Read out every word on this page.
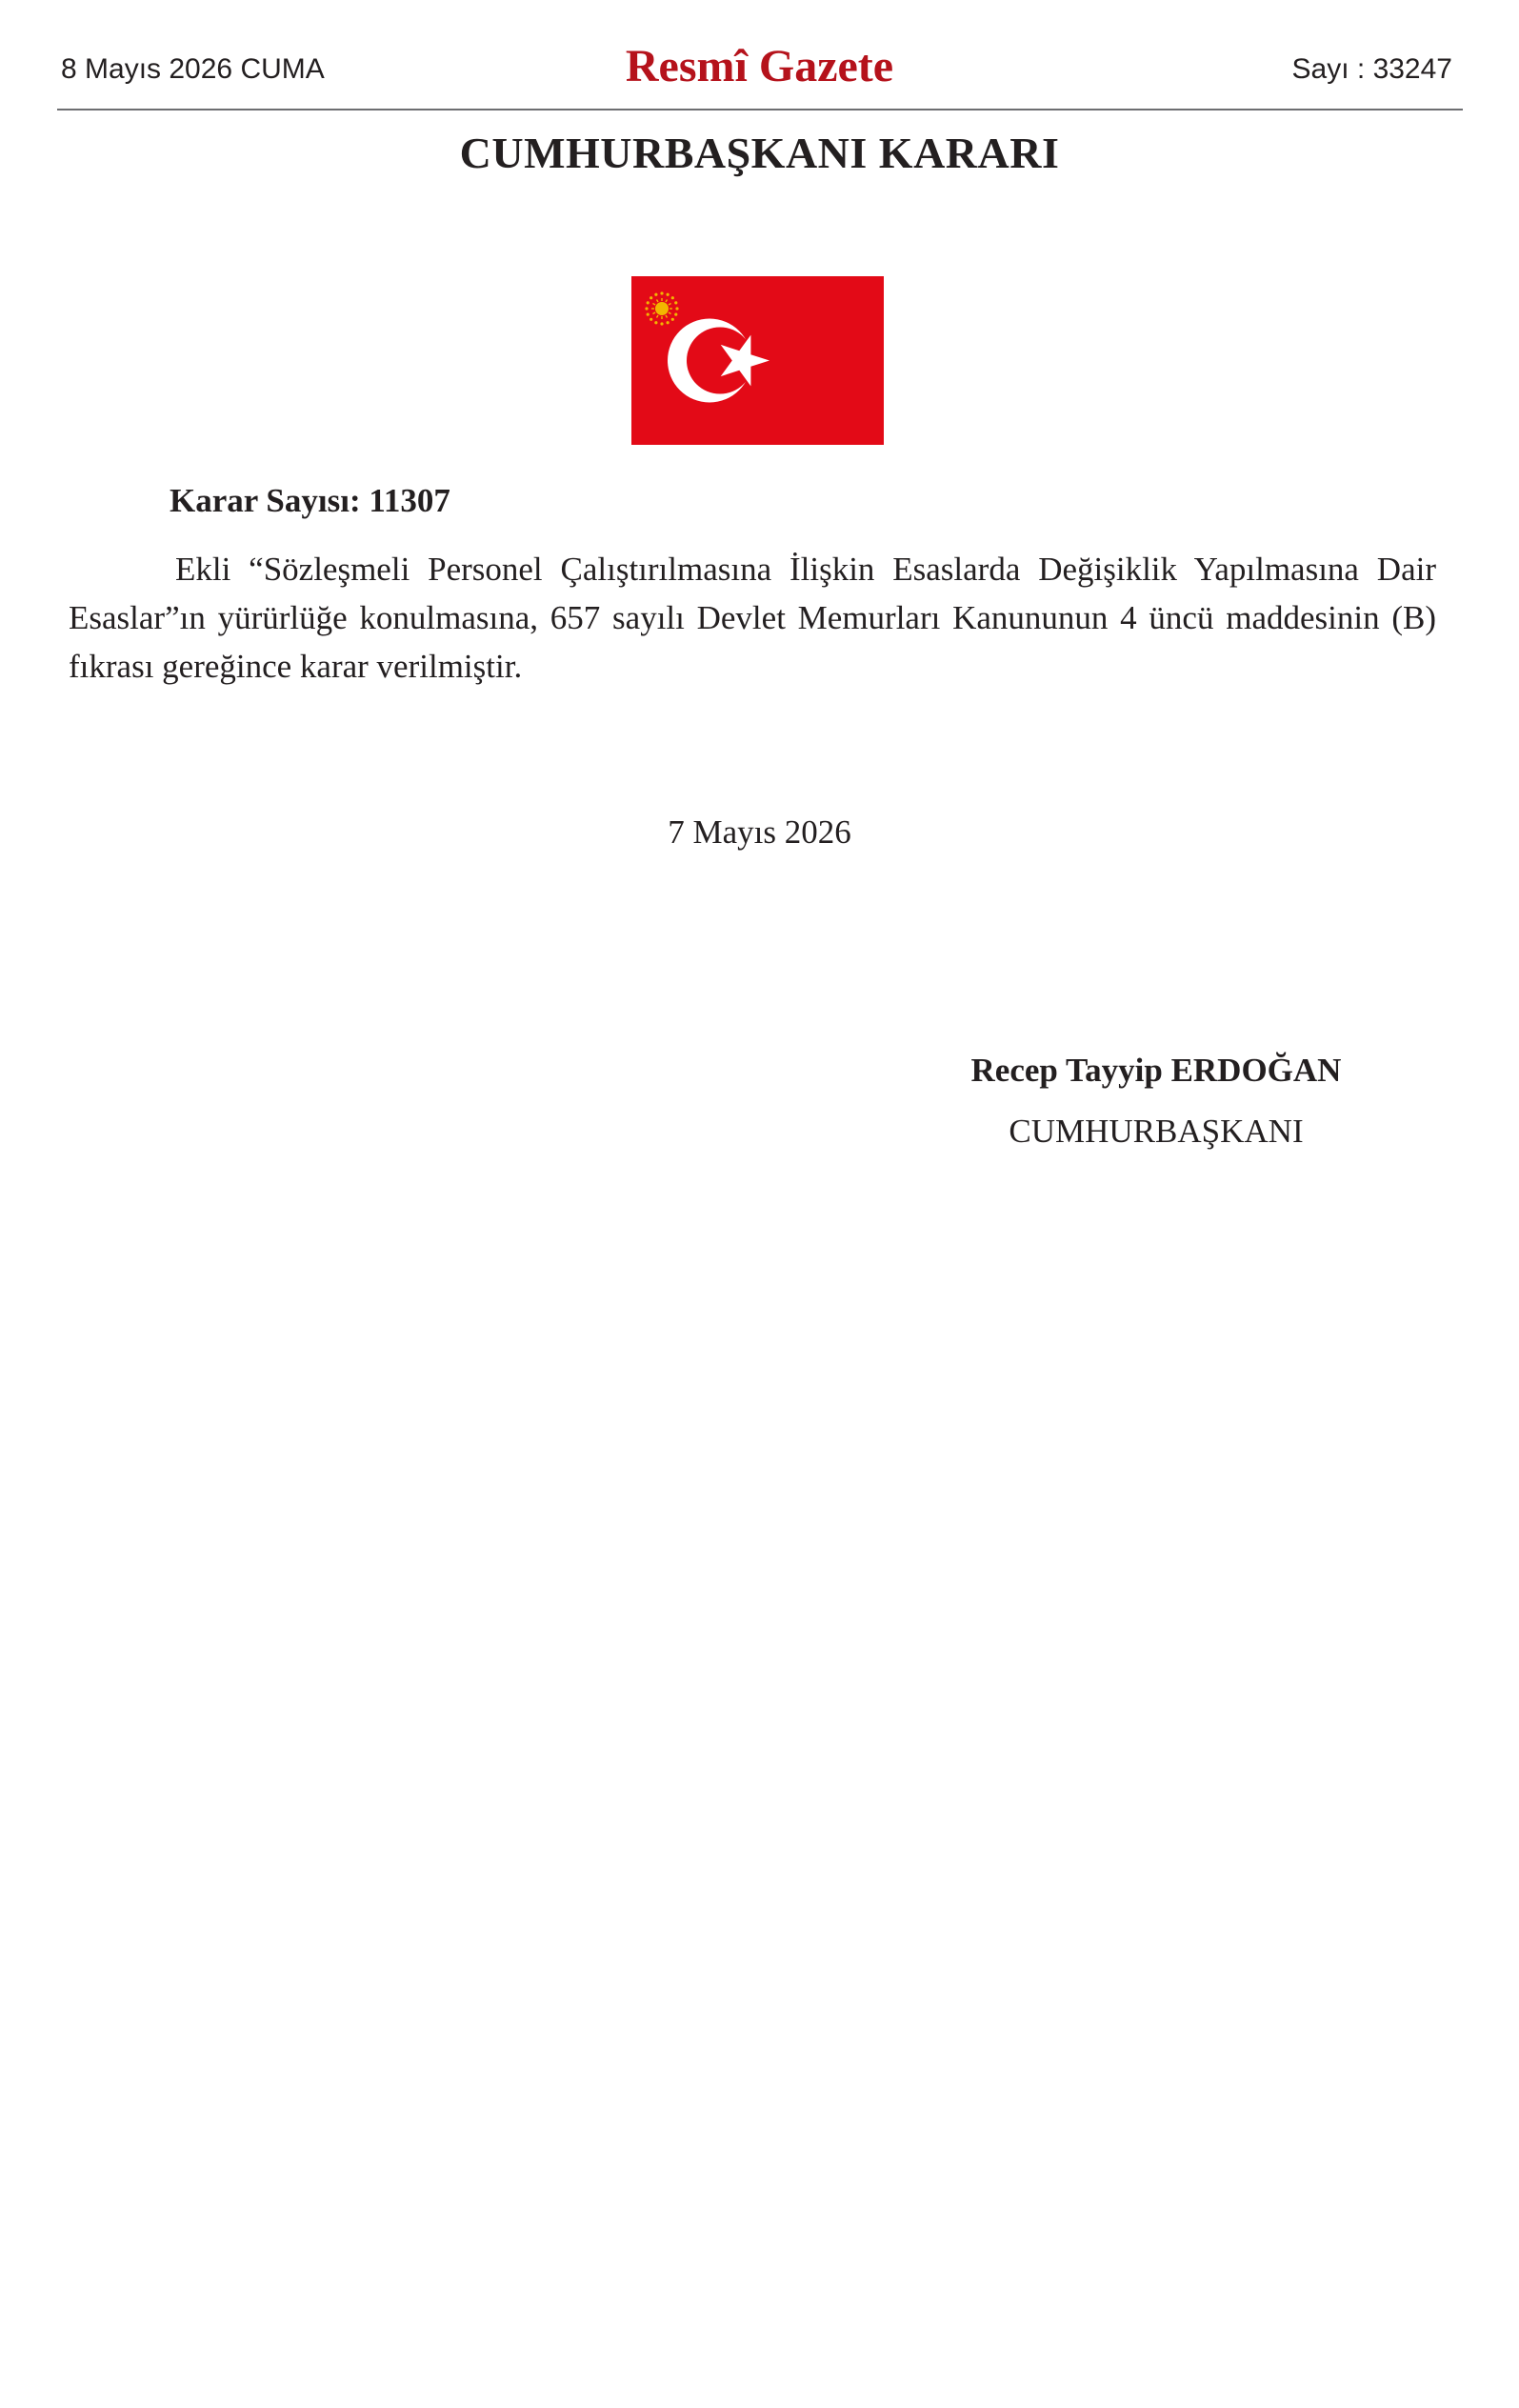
8 Mayıs 2026 CUMA	Resmî Gazete	Sayı : 33247
CUMHURBAŞKANI KARARI
Karar Sayısı: 11307

Ekli “Sözleşmeli Personel Çalıştırılmasına İlişkin Esaslarda Değişiklik Yapılmasına Dair Esaslar”ın yürürlüğe konulmasına, 657 sayılı Devlet Memurları Kanununun 4 üncü maddesinin (B) fıkrası gereğince karar verilmiştir.

7 Mayıs 2026
Recep Tayyip ERDOĞAN
CUMHURBAŞKANI
